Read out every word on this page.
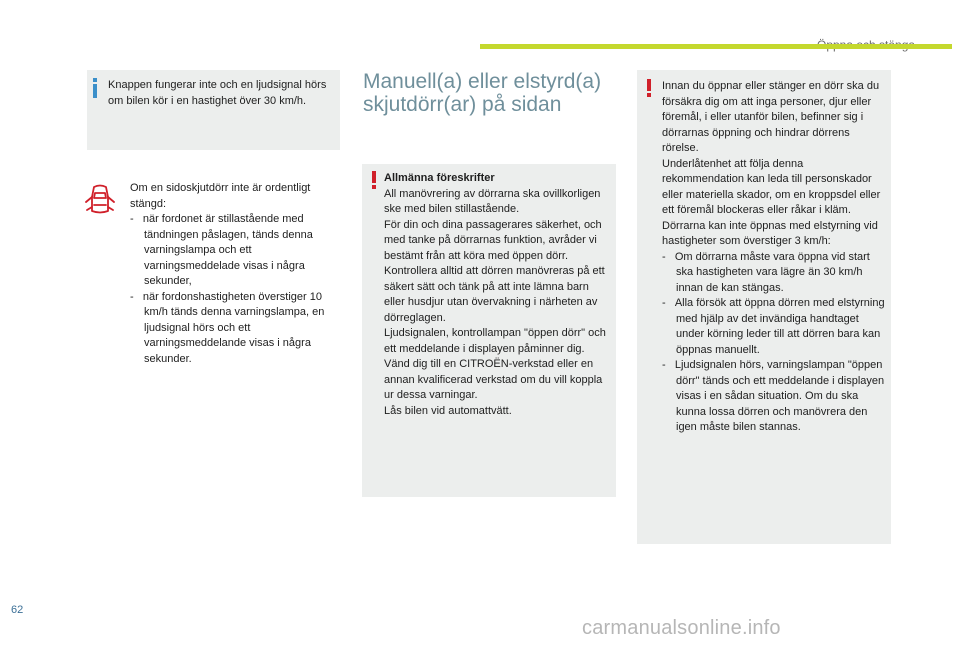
Knappen fungerar inte och en ljudsignal hörs om bilen kör i en hastighet över 30 km/h.
Om en sidoskjutdörr inte är ordentligt stängd:
-   när fordonet är stillastående med tändningen påslagen, tänds denna varningslampa och ett varningsmeddelade visas i några sekunder,
-   när fordonshastigheten överstiger 10 km/h tänds denna varningslampa, en ljudsignal hörs och ett varningsmeddelande visas i några sekunder.
Manuell(a) eller elstyrd(a) skjutdörr(ar) på sidan
Allmänna föreskrifter
All manövrering av dörrarna ska ovillkorligen ske med bilen stillastående.
För din och dina passagerares säkerhet, och med tanke på dörrarnas funktion, avråder vi bestämt från att köra med öppen dörr.
Kontrollera alltid att dörren manövreras på ett säkert sätt och tänk på att inte lämna barn eller husdjur utan övervakning i närheten av dörreglagen.
Ljudsignalen, kontrollampan "öppen dörr" och ett meddelande i displayen påminner dig. Vänd dig till en CITROËN-verkstad eller en annan kvalificerad verkstad om du vill koppla ur dessa varningar.
Lås bilen vid automattvätt.
Innan du öppnar eller stänger en dörr ska du försäkra dig om att inga personer, djur eller föremål, i eller utanför bilen, befinner sig i dörrarnas öppning och hindrar dörrens rörelse.
Underlåtenhet att följa denna rekommendation kan leda till personskador eller materiella skador, om en kroppsdel eller ett föremål blockeras eller råkar i kläm.
Dörrarna kan inte öppnas med elstyrning vid hastigheter som överstiger 3 km/h:
-   Om dörrarna måste vara öppna vid start ska hastigheten vara lägre än 30 km/h innan de kan stängas.
-   Alla försök att öppna dörren med elstyrning med hjälp av det invändiga handtaget under körning leder till att dörren bara kan öppnas manuellt.
-   Ljudsignalen hörs, varningslampan "öppen dörr" tänds och ett meddelande i displayen visas i en sådan situation. Om du ska kunna lossa dörren och manövrera den igen måste bilen stannas.
62
carmanualsonline.info
